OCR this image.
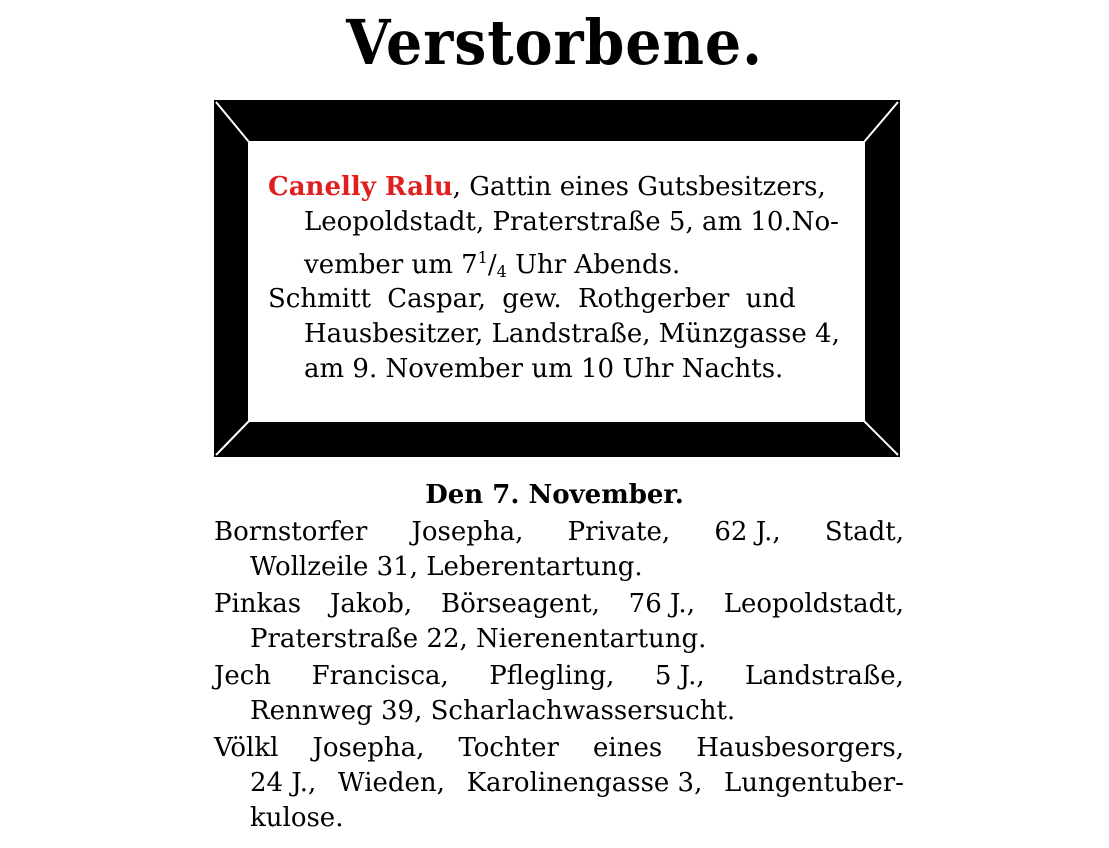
Verstorbene.
Canelly Ralu, Gattin eines Gutsbesitzers,
Leopoldstadt, Praterstraße 5, am 10.No-
vember um $7^1/_4$ Uhr Abends.
Schmitt Caspar, gew. Rothgerber und
Hausbesitzer, Landstraße, Münzgasse 4,
am 9. November um 10 Uhr Nachts.
Den 7. November.
Bornstorfer Josepha, Private, 62 J., Stadt,
Wollzeile 31, Leberentartung.
Pinkas Jakob, Börseagent, 76 J., Leopoldstadt,
Praterstraße 22, Nierenentartung.
Jech Francisca, Pflegling, 5 J., Landstraße,
Rennweg 39, Scharlachwassersucht.
Völkl Josepha, Tochter eines Hausbesorgers,
24 J., Wieden, Karolinengasse 3, Lungentuber-
kulose.
